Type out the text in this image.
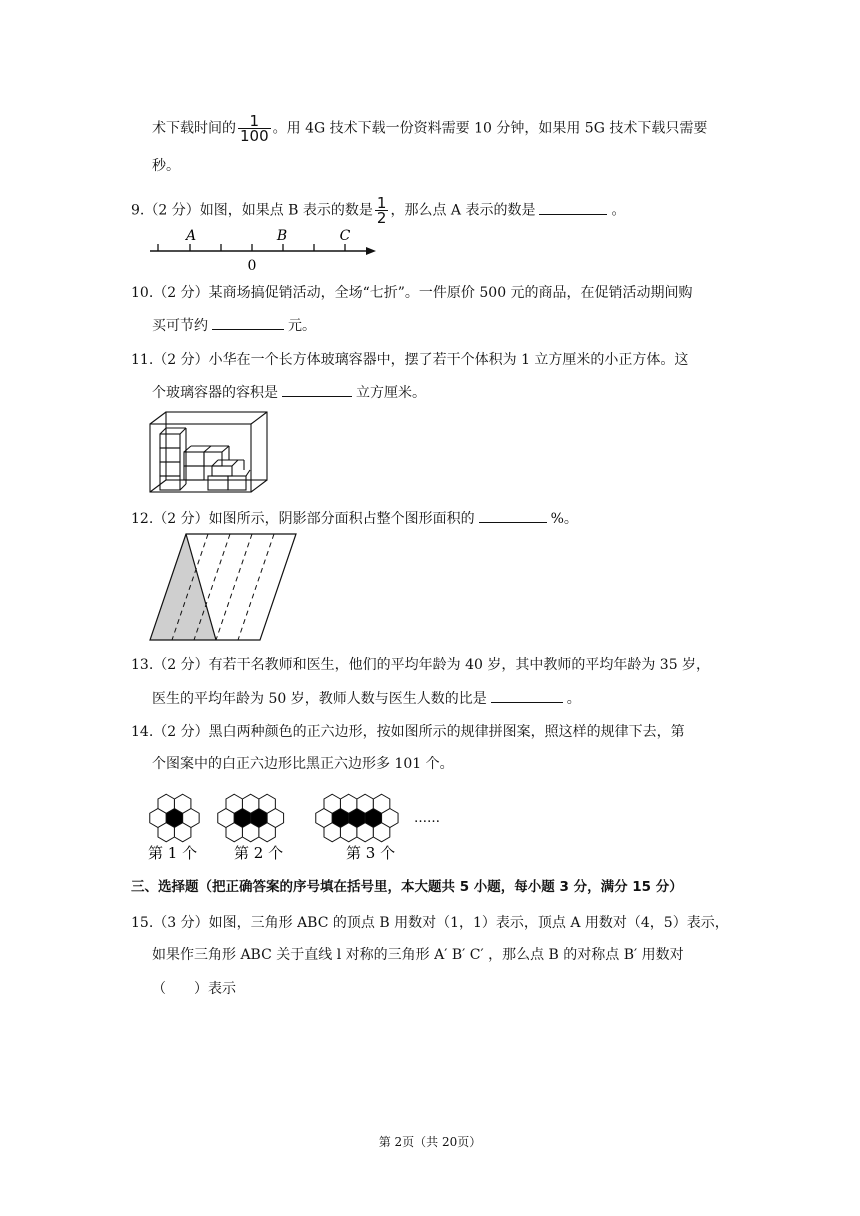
术下载时间的 $\frac{1}{100}$ 。用 4G 技术下载一份资料需要 10 分钟，如果用 5G 技术下载只需要
秒。
9.（2 分）如图，如果点 B 表示的数是 $\frac{1}{2}$ ，那么点 A 表示的数是	。
A	B	C
0
10.（2 分）某商场搞促销活动，全场“七折”。一件原价 500 元的商品，在促销活动期间购
买可节约	元。
11.（2 分）小华在一个长方体玻璃容器中，摆了若干个体积为 1 立方厘米的小正方体。这
个玻璃容器的容积是	立方厘米。
12.（2 分）如图所示，阴影部分面积占整个图形面积的	%。
13.（2 分）有若干名教师和医生，他们的平均年龄为 40 岁，其中教师的平均年龄为 35 岁，
医生的平均年龄为 50 岁，教师人数与医生人数的比是	。
14.（2 分）黑白两种颜色的正六边形，按如图所示的规律拼图案，照这样的规律下去，第
个图案中的白正六边形比黑正六边形多 101 个。
第 1 个 第 2 个	第 3 个
……
三、选择题（把正确答案的序号填在括号里，本大题共 5 小题，每小题 3 分，满分 15 分）
15.（3 分）如图，三角形 ABC 的顶点 B 用数对（1，1）表示，顶点 A 用数对（4，5）表示，
如果作三角形 ABC 关于直线 l 对称的三角形 A′ B′ C′ ，那么点 B 的对称点 B′ 用数对
（　　）表示
第 2页（共 20页）
